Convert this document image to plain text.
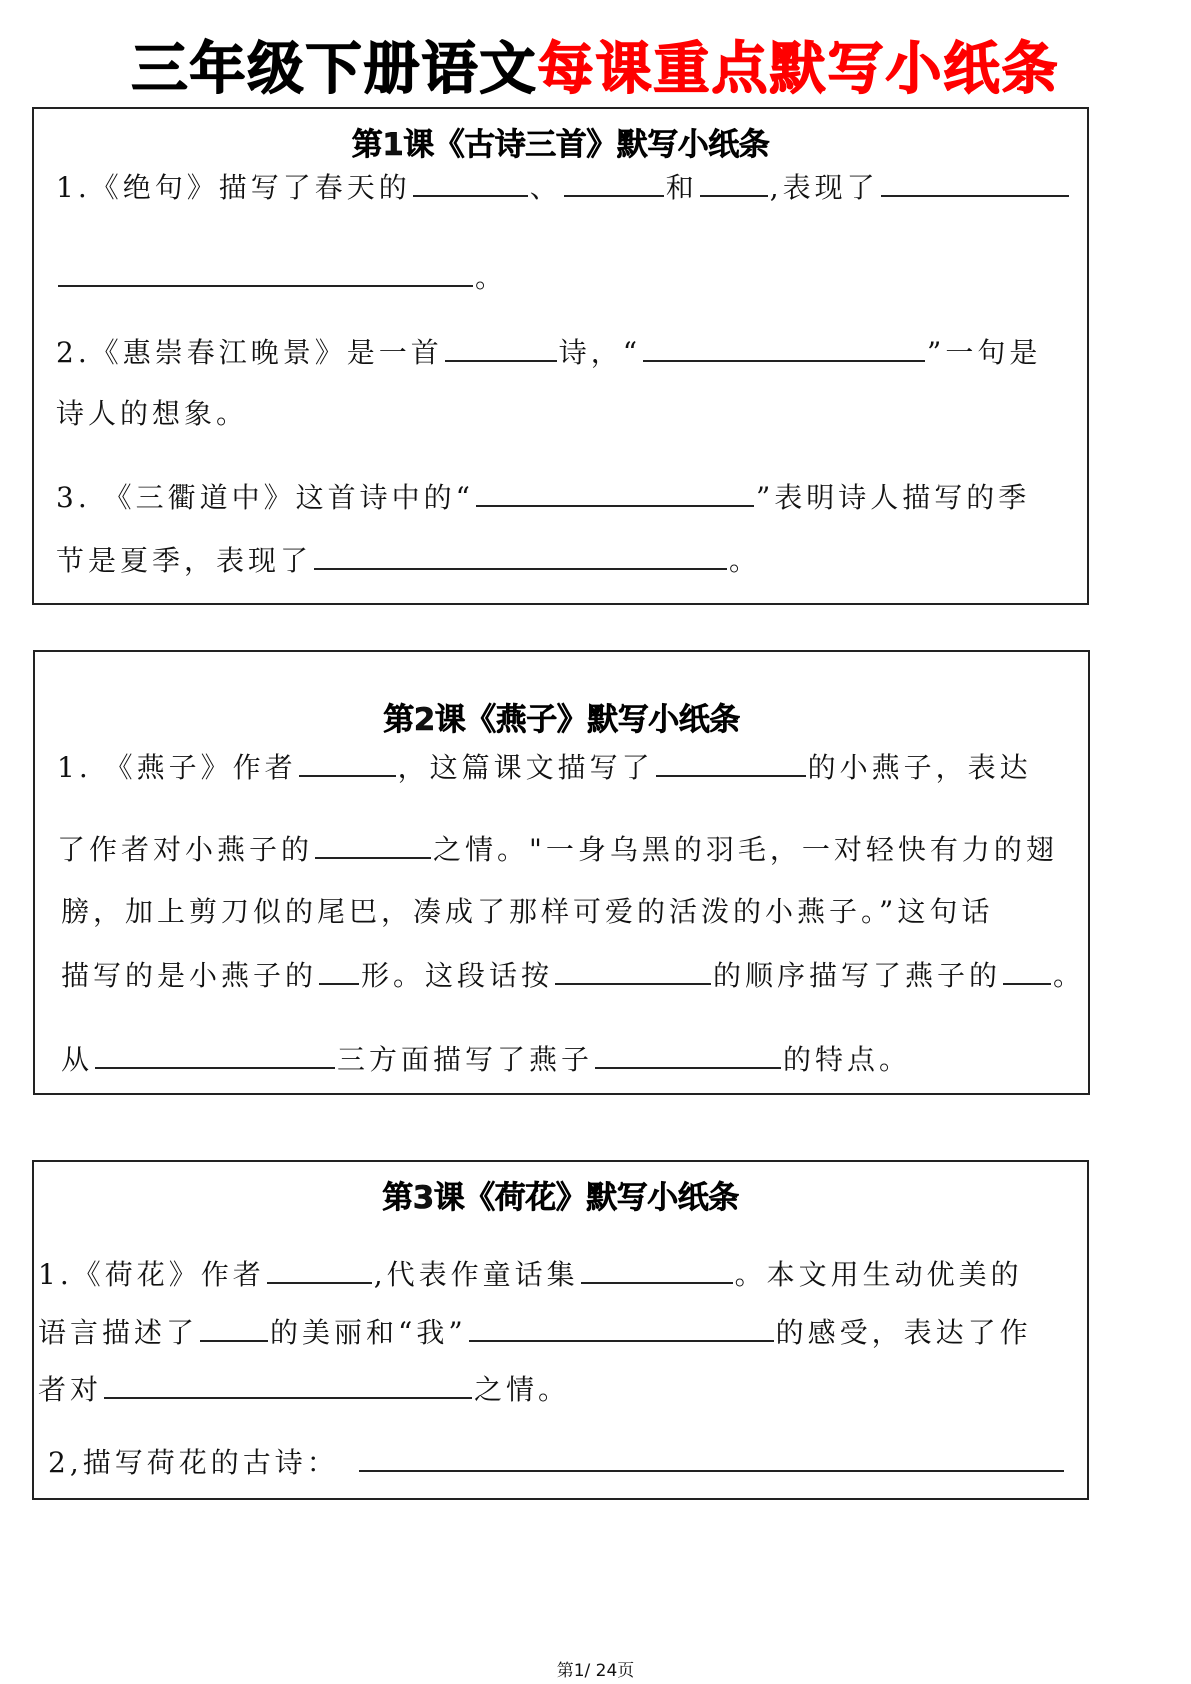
三年级下册语文每课重点默写小纸条
第1课《古诗三首》默写小纸条
1.《绝句》描写了春天的	、	和	,表现了
。
2.《惠崇春江晚景》是一首	诗，“	”一句是
诗人的想象。
3. 《三衢道中》这首诗中的“	”表明诗人描写的季
节是夏季，表现了	。
第2课《燕子》默写小纸条
1. 《燕子》作者	，这篇课文描写了	的小燕子，表达
了作者对小燕子的	之情。"一身乌黑的羽毛，一对轻快有力的翅
膀，加上剪刀似的尾巴，凑成了那样可爱的活泼的小燕子。”这句话
描写的是小燕子的 形。这段话按	的顺序描写了燕子的 。
从	三方面描写了燕子	的特点。
第3课《荷花》默写小纸条
1.《荷花》作者	,代表作童话集	。本文用生动优美的
语言描述了	的美丽和“我”	的感受，表达了作
者对	之情。
2,描写荷花的古诗：
第1/ 24页
